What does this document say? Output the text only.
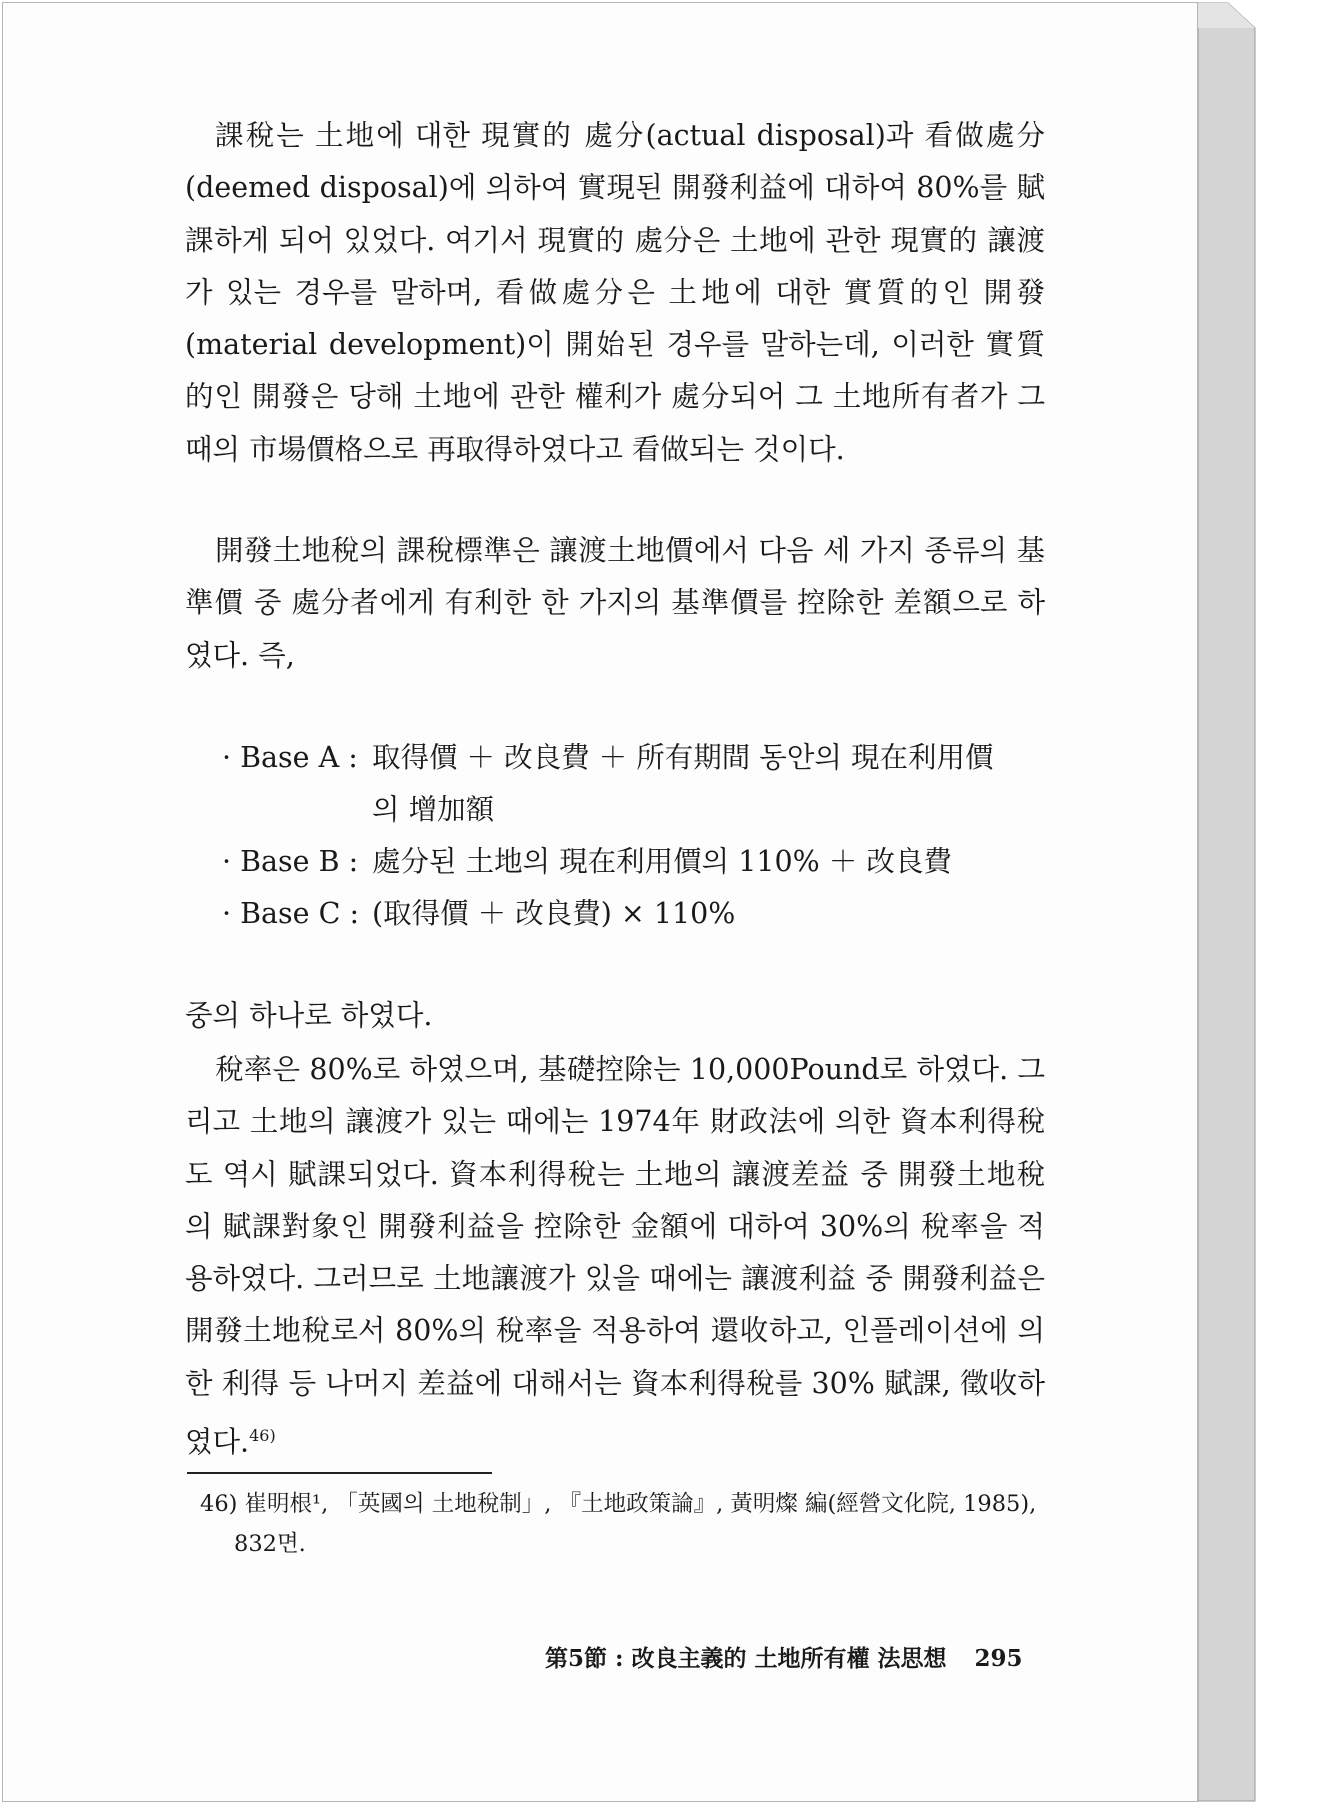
課稅는 土地에 대한 現實的 處分(actual disposal)과 看做處分(deemed disposal)에 의하여 實現된 開發利益에 대하여 80%를 賦課하게 되어 있었다. 여기서 現實的 處分은 土地에 관한 現實的 讓渡가 있는 경우를 말하며, 看做處分은 土地에 대한 實質的인 開發(material development)이 開始된 경우를 말하는데, 이러한 實質的인 開發은 당해 土地에 관한 權利가 處分되어 그 土地所有者가 그때의 市場價格으로 再取得하였다고 看做되는 것이다.

開發土地稅의 課稅標準은 讓渡土地價에서 다음 세 가지 종류의 基準價 중 處分者에게 有利한 한 가지의 基準價를 控除한 差額으로 하였다. 즉,

· Base A : 取得價 ＋ 改良費 ＋ 所有期間 동안의 現在利用價
의 增加額
· Base B : 處分된 土地의 現在利用價의 110% ＋ 改良費
· Base C : (取得價 ＋ 改良費) × 110%

중의 하나로 하였다.

稅率은 80%로 하였으며, 基礎控除는 10,000Pound로 하였다. 그리고 土地의 讓渡가 있는 때에는 1974年 財政法에 의한 資本利得稅도 역시 賦課되었다. 資本利得稅는 土地의 讓渡差益 중 開發土地稅의 賦課對象인 開發利益을 控除한 金額에 대하여 30%의 稅率을 적용하였다. 그러므로 土地讓渡가 있을 때에는 讓渡利益 중 開發利益은 開發土地稅로서 80%의 稅率을 적용하여 還收하고, 인플레이션에 의한 利得 등 나머지 差益에 대해서는 資本利得稅를 30% 賦課, 徵收하였다.$^{46)}$

46) 崔明根¹, 「英國의 土地稅制」, 『土地政策論』, 黃明燦 編(經營文化院, 1985),
832면.
第5節 : 改良主義的 土地所有權 法思想 295
